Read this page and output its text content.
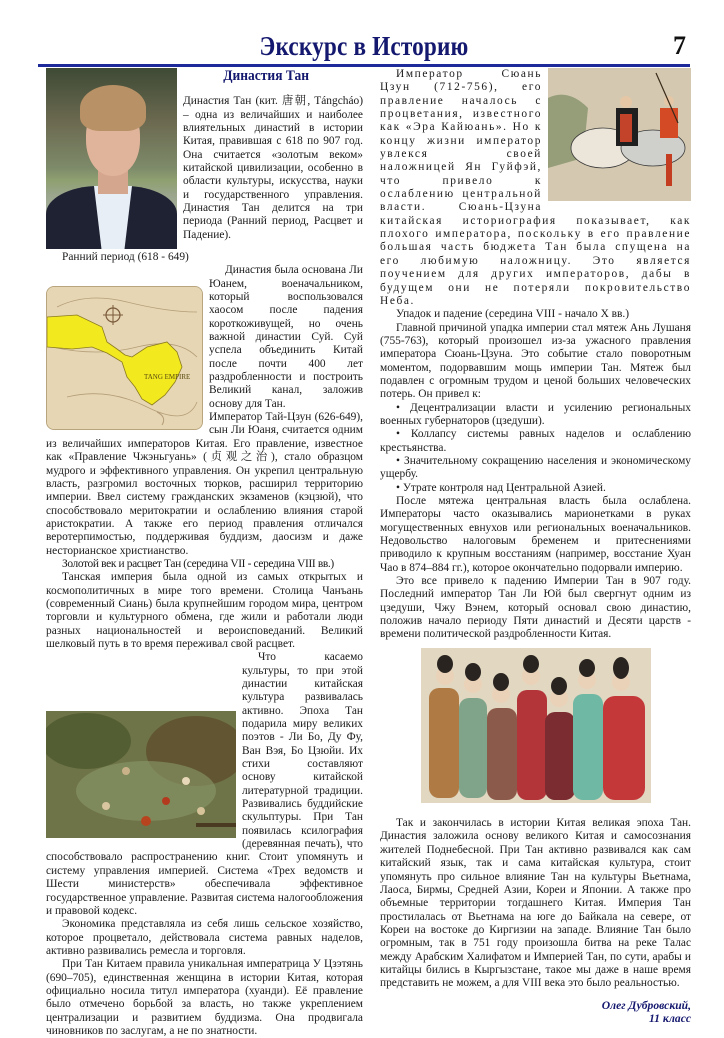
Экскурс в Историю	7
Династия Тан

Династия Тан (кит. 唐朝, Tángcháo) – одна из величайших и наиболее влиятельных династий в истории Китая, правившая с 618 по 907 год. Она считается «золотым веком» китайской цивилизации, особенно в области культуры, искусства, науки и государственного управления. Династия Тан делится на три периода (Ранний период, Расцвет и Падение).

Ранний период (618 - 649)

TANG EMPIRE

Династия была основана Ли Юанем, военачальником, который воспользовался хаосом после падения короткоживущей, но очень важной династии Суй. Суй успела объединить Китай после почти 400 лет раздробленности и построить Великий канал, заложив основу для Тан.

Император Тай-Цзун (626-649), сын Ли Юаня, считается одним из величайших императоров Китая. Его правление, известное как «Правление Чжэньгуань» (贞观之治), стало образцом мудрого и эффективного управления. Он укрепил центральную власть, разгромил восточных тюрков, расширил территорию империи. Ввел систему гражданских экзаменов (кэцзюй), что способствовало меритократии и ослаблению влияния старой аристократии. А также его период правления отличался веротерпимостью, поддерживая буддизм, даосизм и даже несторианское христианство.

Золотой век и расцвет Тан (середина VII - середина VIII вв.)

Танская империя была одной из самых открытых и космополитичных в мире того времени. Столица Чанъань (современный Сиань) была крупнейшим городом мира, центром торговли и культурного обмена, где жили и работали люди разных национальностей и вероисповеданий. Великий шелковый путь в то время переживал свой расцвет.

Что касаемо культуры, то при этой династии китайская культура развивалась активно. Эпоха Тан подарила миру великих поэтов - Ли Бо, Ду Фу, Ван Вэя, Бо Цзюйи. Их стихи составляют основу китайской литературной традиции. Развивались буддийские скульптуры. При Тан появилась ксилография (деревянная печать), что способствовало распространению книг. Стоит упомянуть и систему управления империей. Система «Трех ведомств и Шести министерств» обеспечивала эффективное государственное управление. Развитая система налогообложения и правовой кодекс.

Экономика представляла из себя лишь сельское хозяйство, которое процветало, действовала система равных наделов, активно развивались ремесла и торговля.

При Тан Китаем правила уникальная императрица У Цзэтянь (690–705), единственная женщина в истории Китая, которая официально носила титул императора (хуанди). Её правление было отмечено борьбой за власть, но также укреплением централизации и развитием буддизма. Она продвигала чиновников по заслугам, а не по знатности.

Император Сюань Цзун (712-756), его правление началось с процветания, известного как «Эра Кайюань». Но к концу жизни император увлекся своей наложницей Ян Гуйфэй, что привело к ослаблению центральной власти. Сюань-Цзуна китайская историография показывает, как плохого императора, поскольку в его правление большая часть бюджета Тан была спущена на его любимую наложницу. Это является поучением для других императоров, дабы в будущем они не потеряли покровительство Неба.

Упадок и падение (середина VIII - начало X вв.)

Главной причиной упадка империи стал мятеж Ань Лушаня (755-763), который произошел из-за ужасного правления императора Сюань-Цзуна. Это событие стало поворотным моментом, подорвавшим мощь империи Тан. Мятеж был подавлен с огромным трудом и ценой больших человеческих потерь. Он привел к:

• Децентрализации власти и усилению региональных военных губернаторов (цзедуши).

• Коллапсу системы равных наделов и ослаблению крестьянства.

• Значительному сокращению населения и экономическому ущербу.

• Утрате контроля над Центральной Азией.

После мятежа центральная власть была ослаблена. Императоры часто оказывались марионетками в руках могущественных евнухов или региональных военачальников. Недовольство налоговым бременем и притеснениями приводило к крупным восстаниям (например, восстание Хуан Чао в 874–884 гг.), которое окончательно подорвали империю.

Это все привело к падению Империи Тан в 907 году. Последний император Тан Ли Юй был свергнут одним из цзедуши, Чжу Вэнем, который основал свою династию, положив начало периоду Пяти династий и Десяти царств - времени политической раздробленности Китая.

Так и закончилась в истории Китая великая эпоха Тан. Династия заложила основу великого Китая и самосознания жителей Поднебесной. При Тан активно развивался как сам китайский язык, так и сама китайская культура, стоит упомянуть про сильное влияние Тан на культуры Вьетнама, Лаоса, Бирмы, Средней Азии, Кореи и Японии. А также про объемные территории тогдашнего Китая. Империя Тан простилалась от Вьетнама на юге до Байкала на севере, от Кореи на востоке до Киргизии на западе. Влияние Тан было огромным, так в 751 году произошла битва на реке Талас между Арабским Халифатом и Империей Тан, по сути, арабы и китайцы бились в Кыргызстане, такое мы даже в наше время представить не можем, а для VIII века это было реальностью.

Олег Дубровский,
11 класс
